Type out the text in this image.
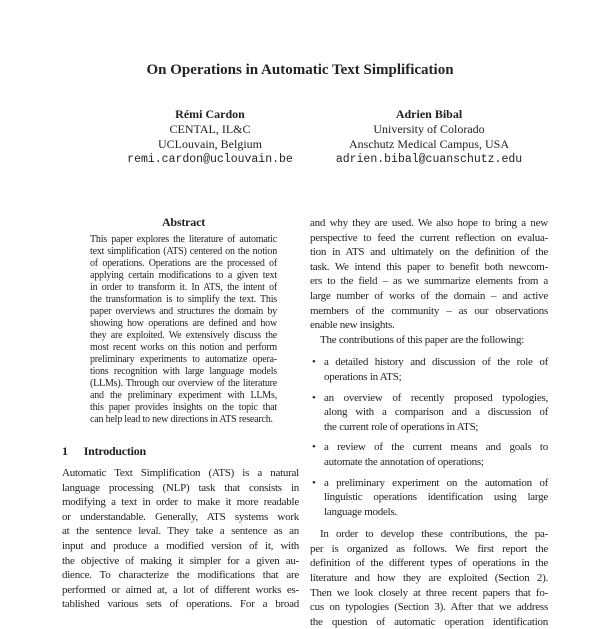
On Operations in Automatic Text Simplification
Rémi Cardon
CENTAL, IL&C
UCLouvain, Belgium
remi.cardon@uclouvain.be
Adrien Bibal
University of Colorado
Anschutz Medical Campus, USA
adrien.bibal@cuanschutz.edu
Abstract
This paper explores the literature of automatic
text simplification (ATS) centered on the notion
of operations. Operations are the processed of
applying certain modifications to a given text
in order to transform it. In ATS, the intent of
the transformation is to simplify the text. This
paper overviews and structures the domain by
showing how operations are defined and how
they are exploited. We extensively discuss the
most recent works on this notion and perform
preliminary experiments to automatize opera-
tions recognition with large language models
(LLMs). Through our overview of the literature
and the preliminary experiment with LLMs,
this paper provides insights on the topic that
can help lead to new directions in ATS research.
1 Introduction
Automatic Text Simplification (ATS) is a natural
language processing (NLP) task that consists in
modifying a text in order to make it more readable
or understandable. Generally, ATS systems work
at the sentence leval. They take a sentence as an
input and produce a modified version of it, with
the objective of making it simpler for a given au-
dience. To characterize the modifications that are
performed or aimed at, a lot of different works es-
tablished various sets of operations. For a broad
and why they are used. We also hope to bring a new
perspective to feed the current reflection on evalua-
tion in ATS and ultimately on the definition of the
task. We intend this paper to benefit both newcom-
ers to the field – as we summarize elements from a
large number of works of the domain – and active
members of the community – as our observations
enable new insights.
The contributions of this paper are the following:
• a detailed history and discussion of the role of
operations in ATS;
• an overview of recently proposed typologies,
along with a comparison and a discussion of
the current role of operations in ATS;
• a review of the current means and goals to
automate the annotation of operations;
• a preliminary experiment on the automation of
linguistic operations identification using large
language models.
In order to develop these contributions, the pa-
per is organized as follows. We first report the
definition of the different types of operations in the
literature and how they are exploited (Section 2).
Then we look closely at three recent papers that fo-
cus on typologies (Section 3). After that we address
the question of automatic operation identification
